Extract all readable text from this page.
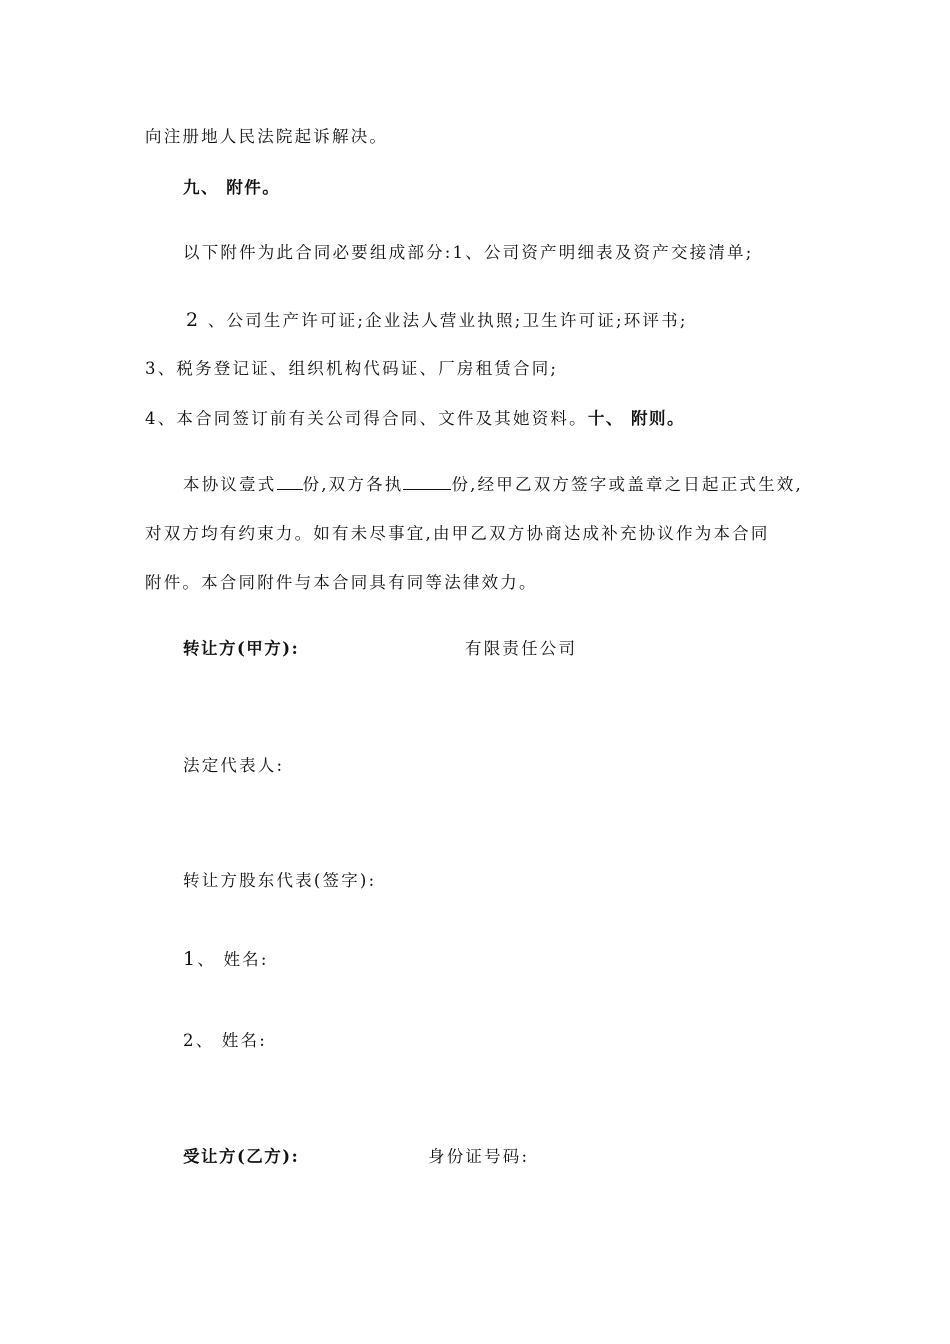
向注册地人民法院起诉解决。
九、 附件。
以下附件为此合同必要组成部分:1、公司资产明细表及资产交接清单;
2 、公司生产许可证;企业法人营业执照;卫生许可证;环评书;
3、税务登记证、组织机构代码证、厂房租赁合同;
4、本合同签订前有关公司得合同、文件及其她资料。十、 附则。
本协议壹式 份,双方各执	份,经甲乙双方签字或盖章之日起正式生效,
对双方均有约束力。如有未尽事宜,由甲乙双方协商达成补充协议作为本合同
附件。本合同附件与本合同具有同等法律效力。
转让方(甲方):	有限责任公司
法定代表人:
转让方股东代表(签字):
1、 姓名:
2、 姓名:
受让方(乙方):	身份证号码:
